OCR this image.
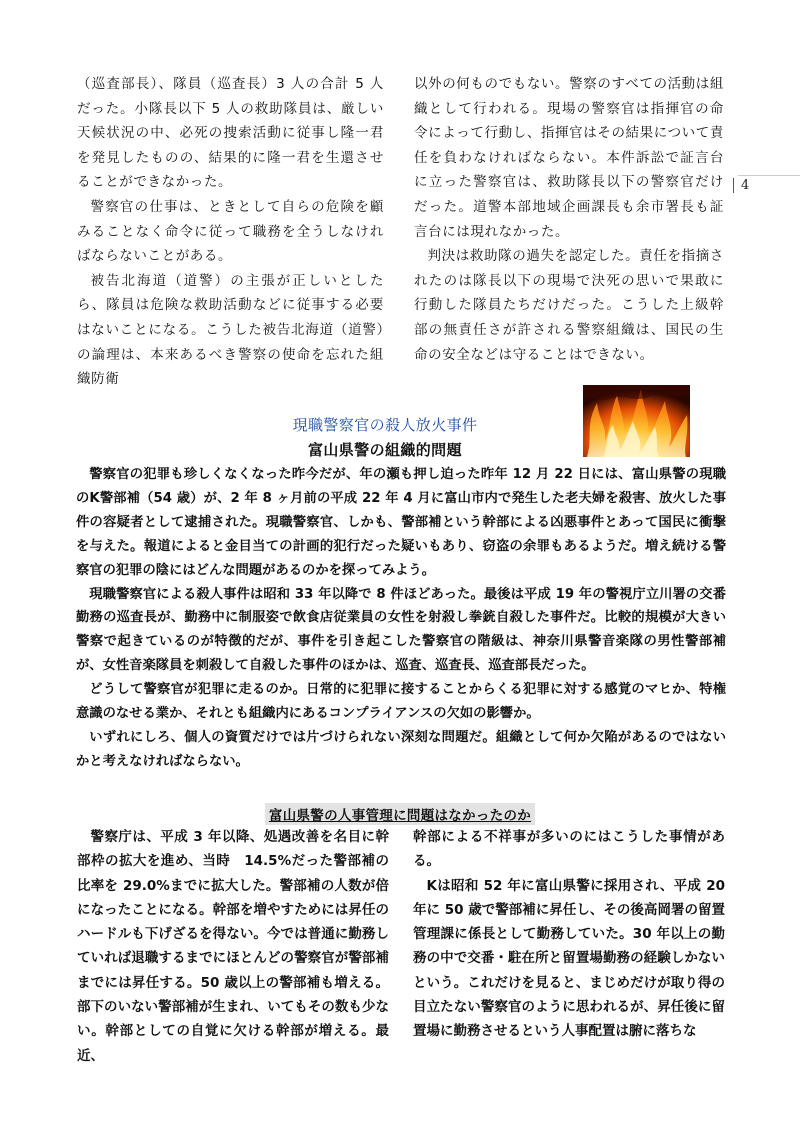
（巡査部長）、隊員（巡査長）3 人の合計 5 人だった。小隊長以下 5 人の救助隊員は、厳しい天候状況の中、必死の捜索活動に従事し隆一君を発見したものの、結果的に隆一君を生還させることができなかった。

警察官の仕事は、ときとして自らの危険を顧みることなく命令に従って職務を全うしなければならないことがある。

被告北海道（道警）の主張が正しいとしたら、隊員は危険な救助活動などに従事する必要はないことになる。こうした被告北海道（道警）の論理は、本来あるべき警察の使命を忘れた組織防衛

以外の何ものでもない。警察のすべての活動は組織として行われる。現場の警察官は指揮官の命令によって行動し、指揮官はその結果について責任を負わなければならない。本件訴訟で証言台に立った警察官は、救助隊長以下の警察官だけだった。道警本部地域企画課長も余市署長も証言台には現れなかった。

判決は救助隊の過失を認定した。責任を指摘されたのは隊長以下の現場で決死の思いで果敢に行動した隊員たちだけだった。こうした上級幹部の無責任さが許される警察組織は、国民の生命の安全などは守ることはできない。

4
現職警察官の殺人放火事件
富山県警の組織的問題

警察官の犯罪も珍しくなくなった昨今だが、年の瀬も押し迫った昨年 12 月 22 日には、富山県警の現職のK警部補（54 歳）が、2 年 8 ヶ月前の平成 22 年 4 月に富山市内で発生した老夫婦を殺害、放火した事件の容疑者として逮捕された。現職警察官、しかも、警部補という幹部による凶悪事件とあって国民に衝撃を与えた。報道によると金目当ての計画的犯行だった疑いもあり、窃盗の余罪もあるようだ。増え続ける警察官の犯罪の陰にはどんな問題があるのかを探ってみよう。

現職警察官による殺人事件は昭和 33 年以降で 8 件ほどあった。最後は平成 19 年の警視庁立川署の交番勤務の巡査長が、勤務中に制服姿で飲食店従業員の女性を射殺し拳銃自殺した事件だ。比較的規模が大きい警察で起きているのが特徴的だが、事件を引き起こした警察官の階級は、神奈川県警音楽隊の男性警部補が、女性音楽隊員を刺殺して自殺した事件のほかは、巡査、巡査長、巡査部長だった。

どうして警察官が犯罪に走るのか。日常的に犯罪に接することからくる犯罪に対する感覚のマヒか、特権意識のなせる業か、それとも組織内にあるコンプライアンスの欠如の影響か。

いずれにしろ、個人の資質だけでは片づけられない深刻な問題だ。組織として何か欠陥があるのではないかと考えなければならない。

富山県警の人事管理に問題はなかったのか

警察庁は、平成 3 年以降、処遇改善を名目に幹部枠の拡大を進め、当時　14.5%だった警部補の比率を 29.0%までに拡大した。警部補の人数が倍になったことになる。幹部を増やすためには昇任のハードルも下げざるを得ない。今では普通に勤務していれば退職するまでにほとんどの警察官が警部補までには昇任する。50 歳以上の警部補も増える。部下のいない警部補が生まれ、いてもその数も少ない。幹部としての自覚に欠ける幹部が増える。最近、

幹部による不祥事が多いのにはこうした事情がある。

Kは昭和 52 年に富山県警に採用され、平成 20 年に 50 歳で警部補に昇任し、その後高岡署の留置管理課に係長として勤務していた。30 年以上の勤務の中で交番・駐在所と留置場勤務の経験しかないという。これだけを見ると、まじめだけが取り得の目立たない警察官のように思われるが、昇任後に留置場に勤務させるという人事配置は腑に落ちな
